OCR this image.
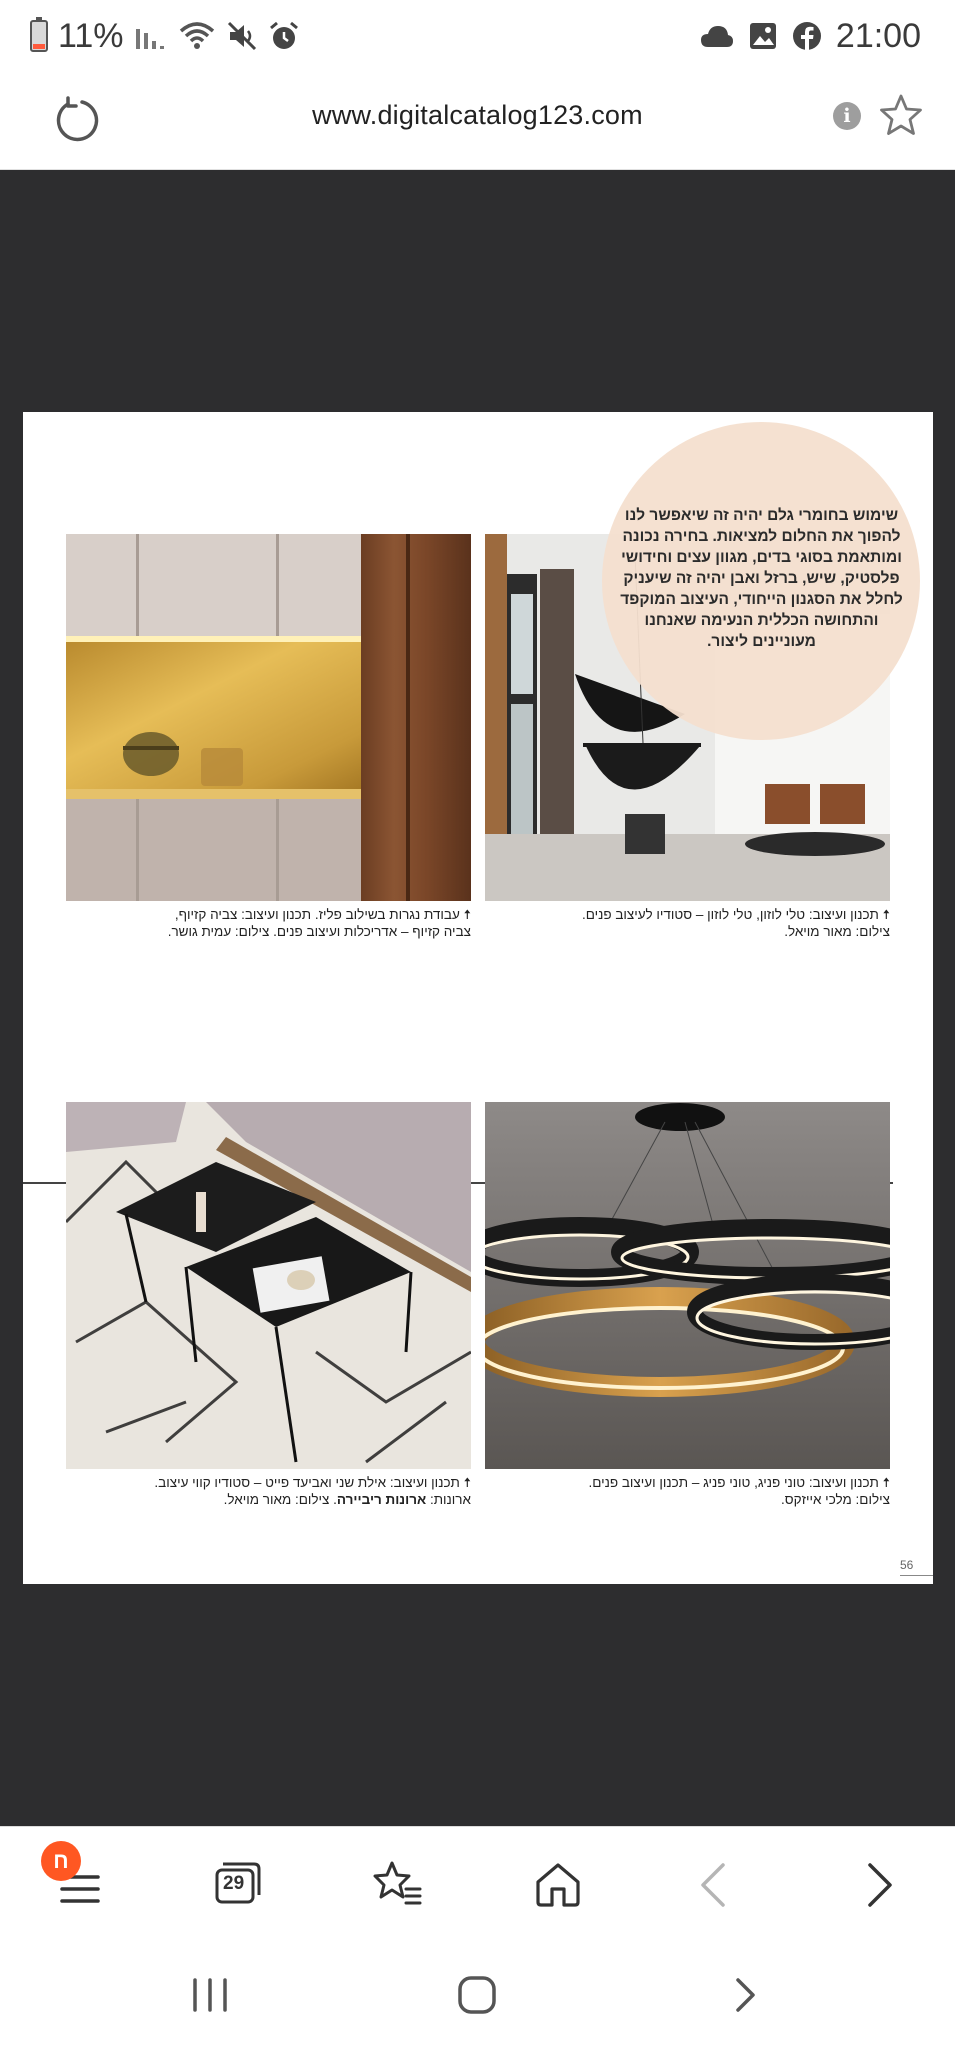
11%	21:00
www.digitalcatalog123.com	i
שימוש בחומרי גלם יהיה זה שיאפשר לנו להפוך את החלום למציאות. בחירה נכונה ומותאמת בסוגי בדים, מגוון עצים וחידושי פלסטיק, שיש, ברזל ואבן יהיה זה שיעניק לחלל את הסגנון הייחודי, העיצוב המוקפד והתחושה הכללית הנעימה שאנחנו מעוניינים ליצור.
🠅 תכנון ועיצוב: טלי לוזון, טלי לוזון – סטודיו לעיצוב פנים.
צילום: מאור מויאל.
🠅 עבודת נגרות בשילוב פליז. תכנון ועיצוב: צביה קזיוף,
צביה קזיוף – אדריכלות ועיצוב פנים. צילום: עמית גושר.
🠅 תכנון ועיצוב: טוני פניג, טוני פניג – תכנון ועיצוב פנים.
צילום: מלכי אייזקס.
🠅 תכנון ועיצוב: אילת שני ואביעד פייט – סטודיו קווי עיצוב.
ארונות: ארונות ריביירה. צילום: מאור מויאל.
56
ח
29
